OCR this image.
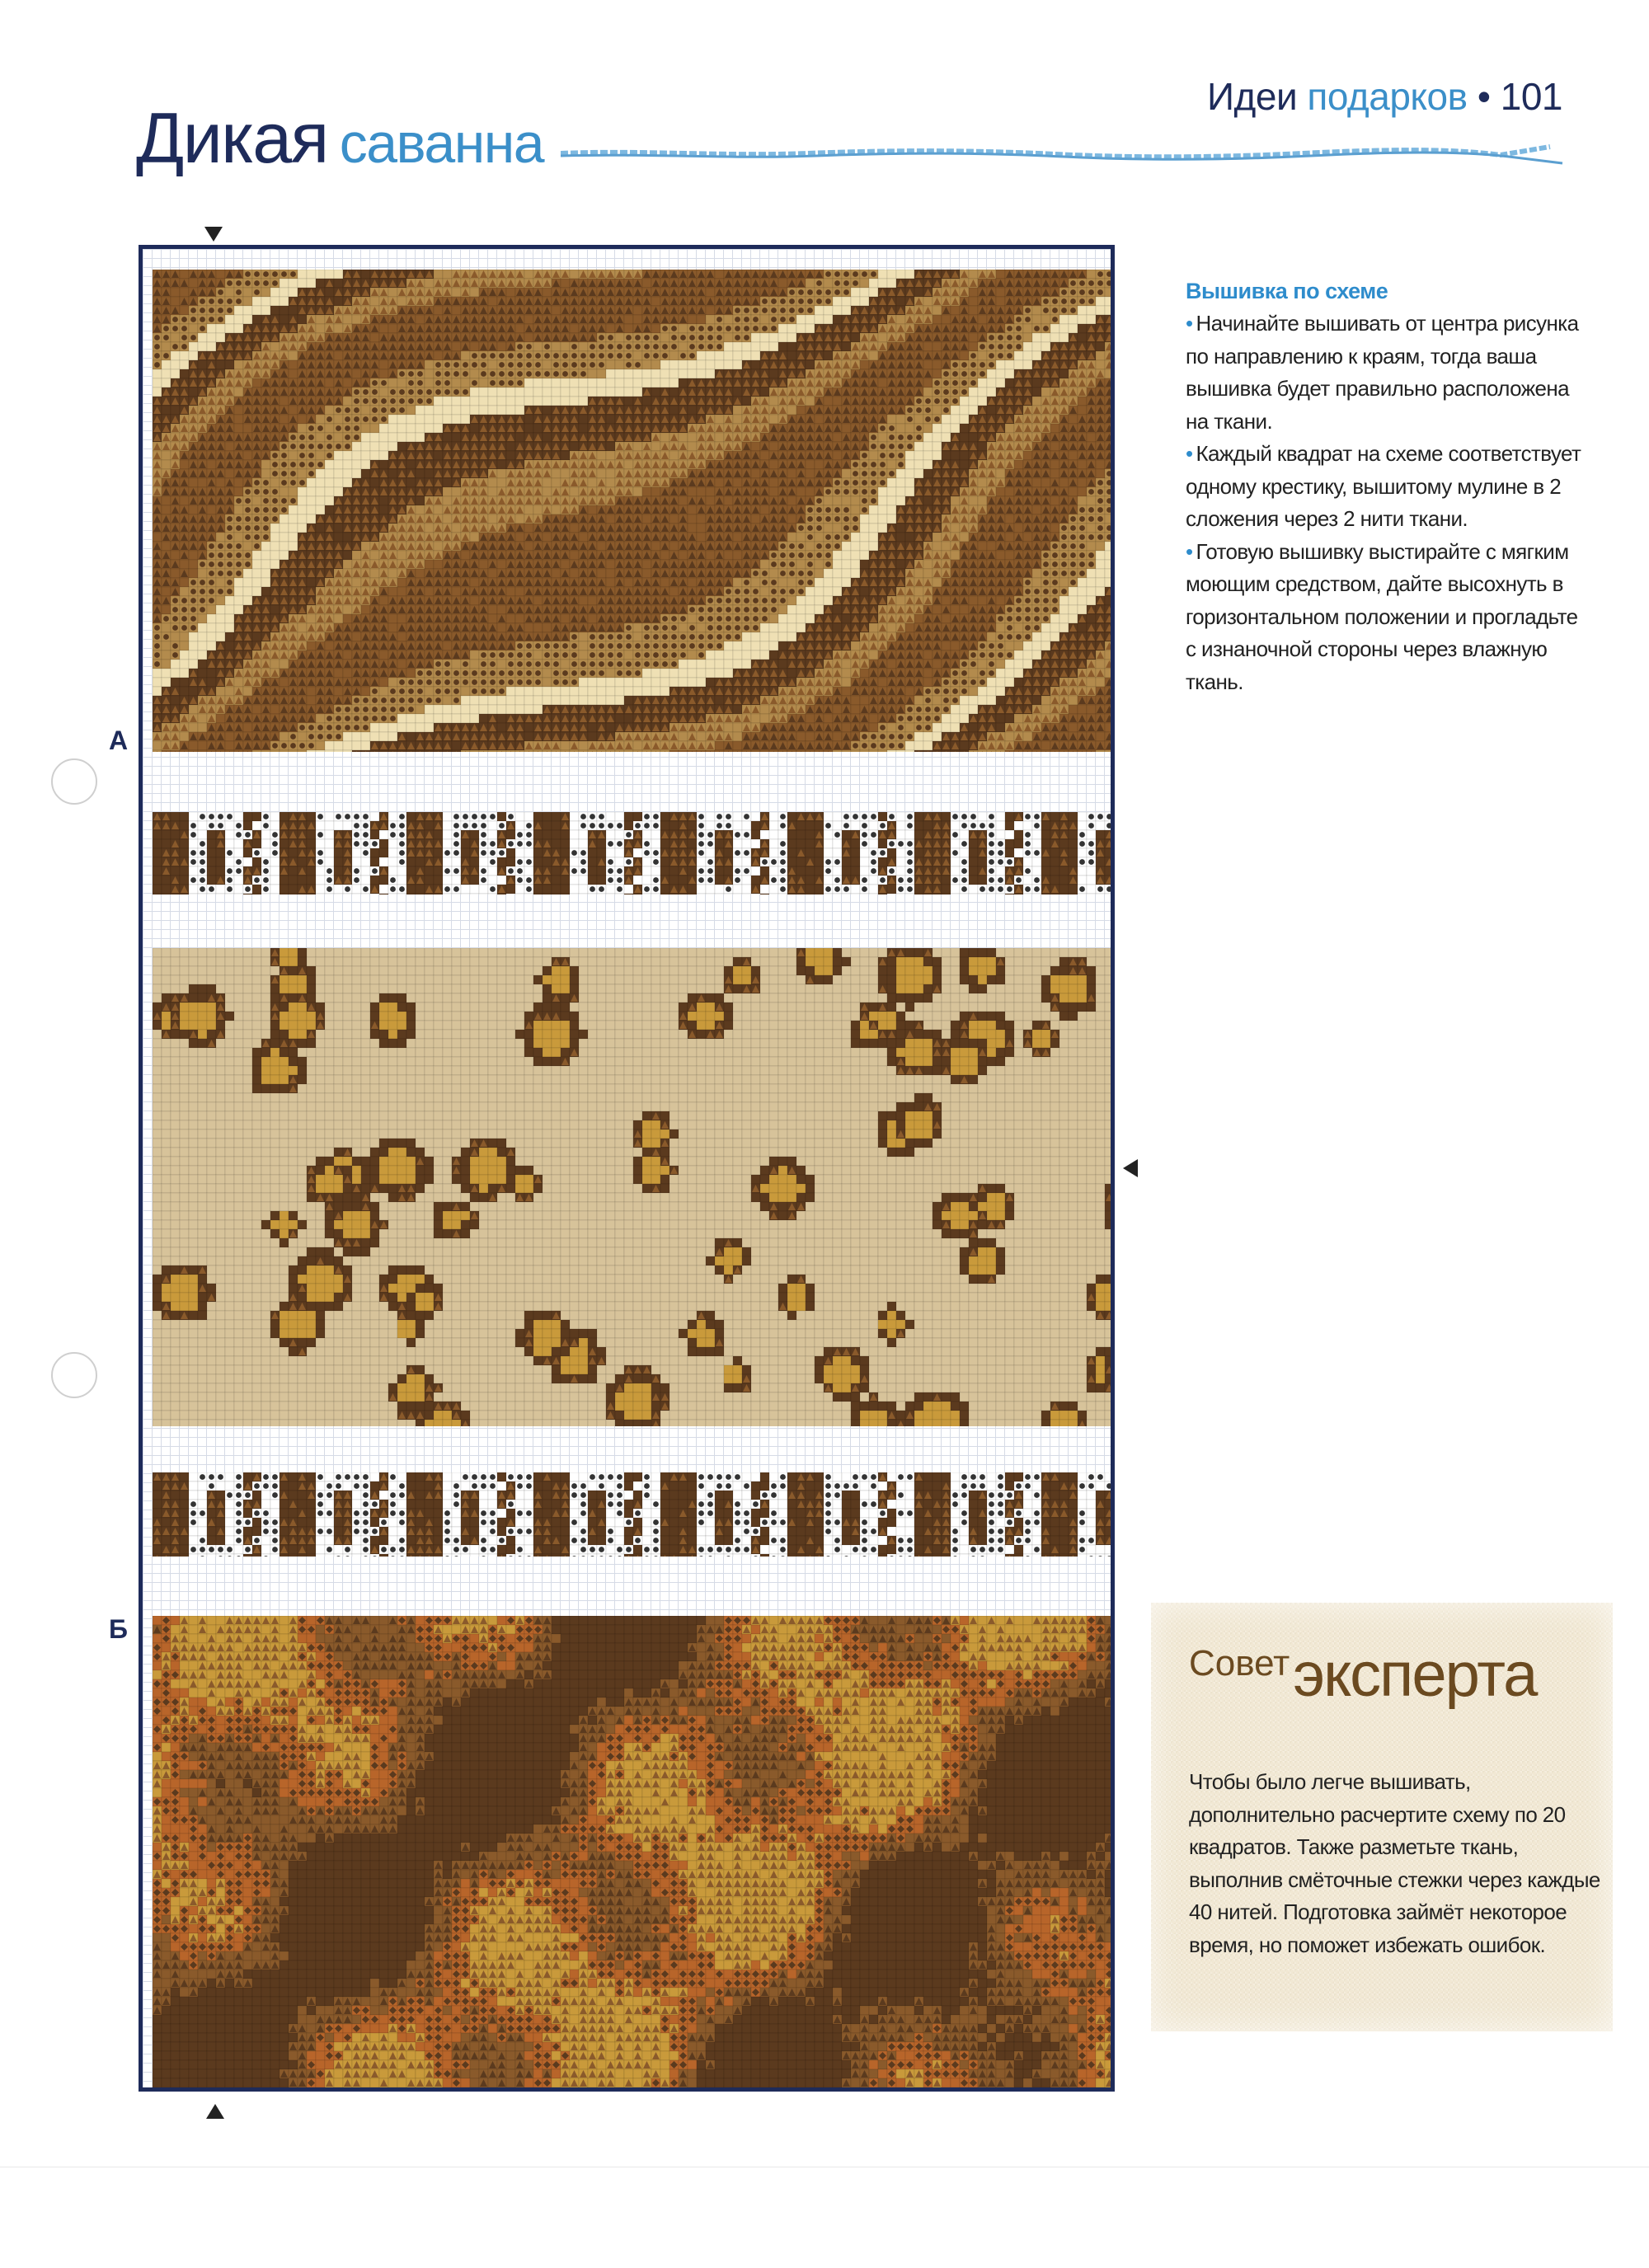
Идеи подарков • 101
Дикая саванна
А
Б
Вышивка по схеме

• Начинайте вышивать от центра рисунка по направлению к краям, тогда ваша вышивка будет правильно расположена на ткани.

• Каждый квадрат на схеме соответствует одному крестику, вышитому мулине в 2 сложения через 2 нити ткани.

• Готовую вышивку выстирайте с мягким моющим средством, дайте высохнуть в горизонтальном положении и прогладьте с изнаночной стороны через влажную ткань.

Советэксперта
Чтобы было легче вышивать, дополнительно расчертите схему по 20 квадратов. Также разметьте ткань, выполнив смёточные стежки через каждые 40 нитей. Подготовка займёт некоторое время, но поможет избежать ошибок.
